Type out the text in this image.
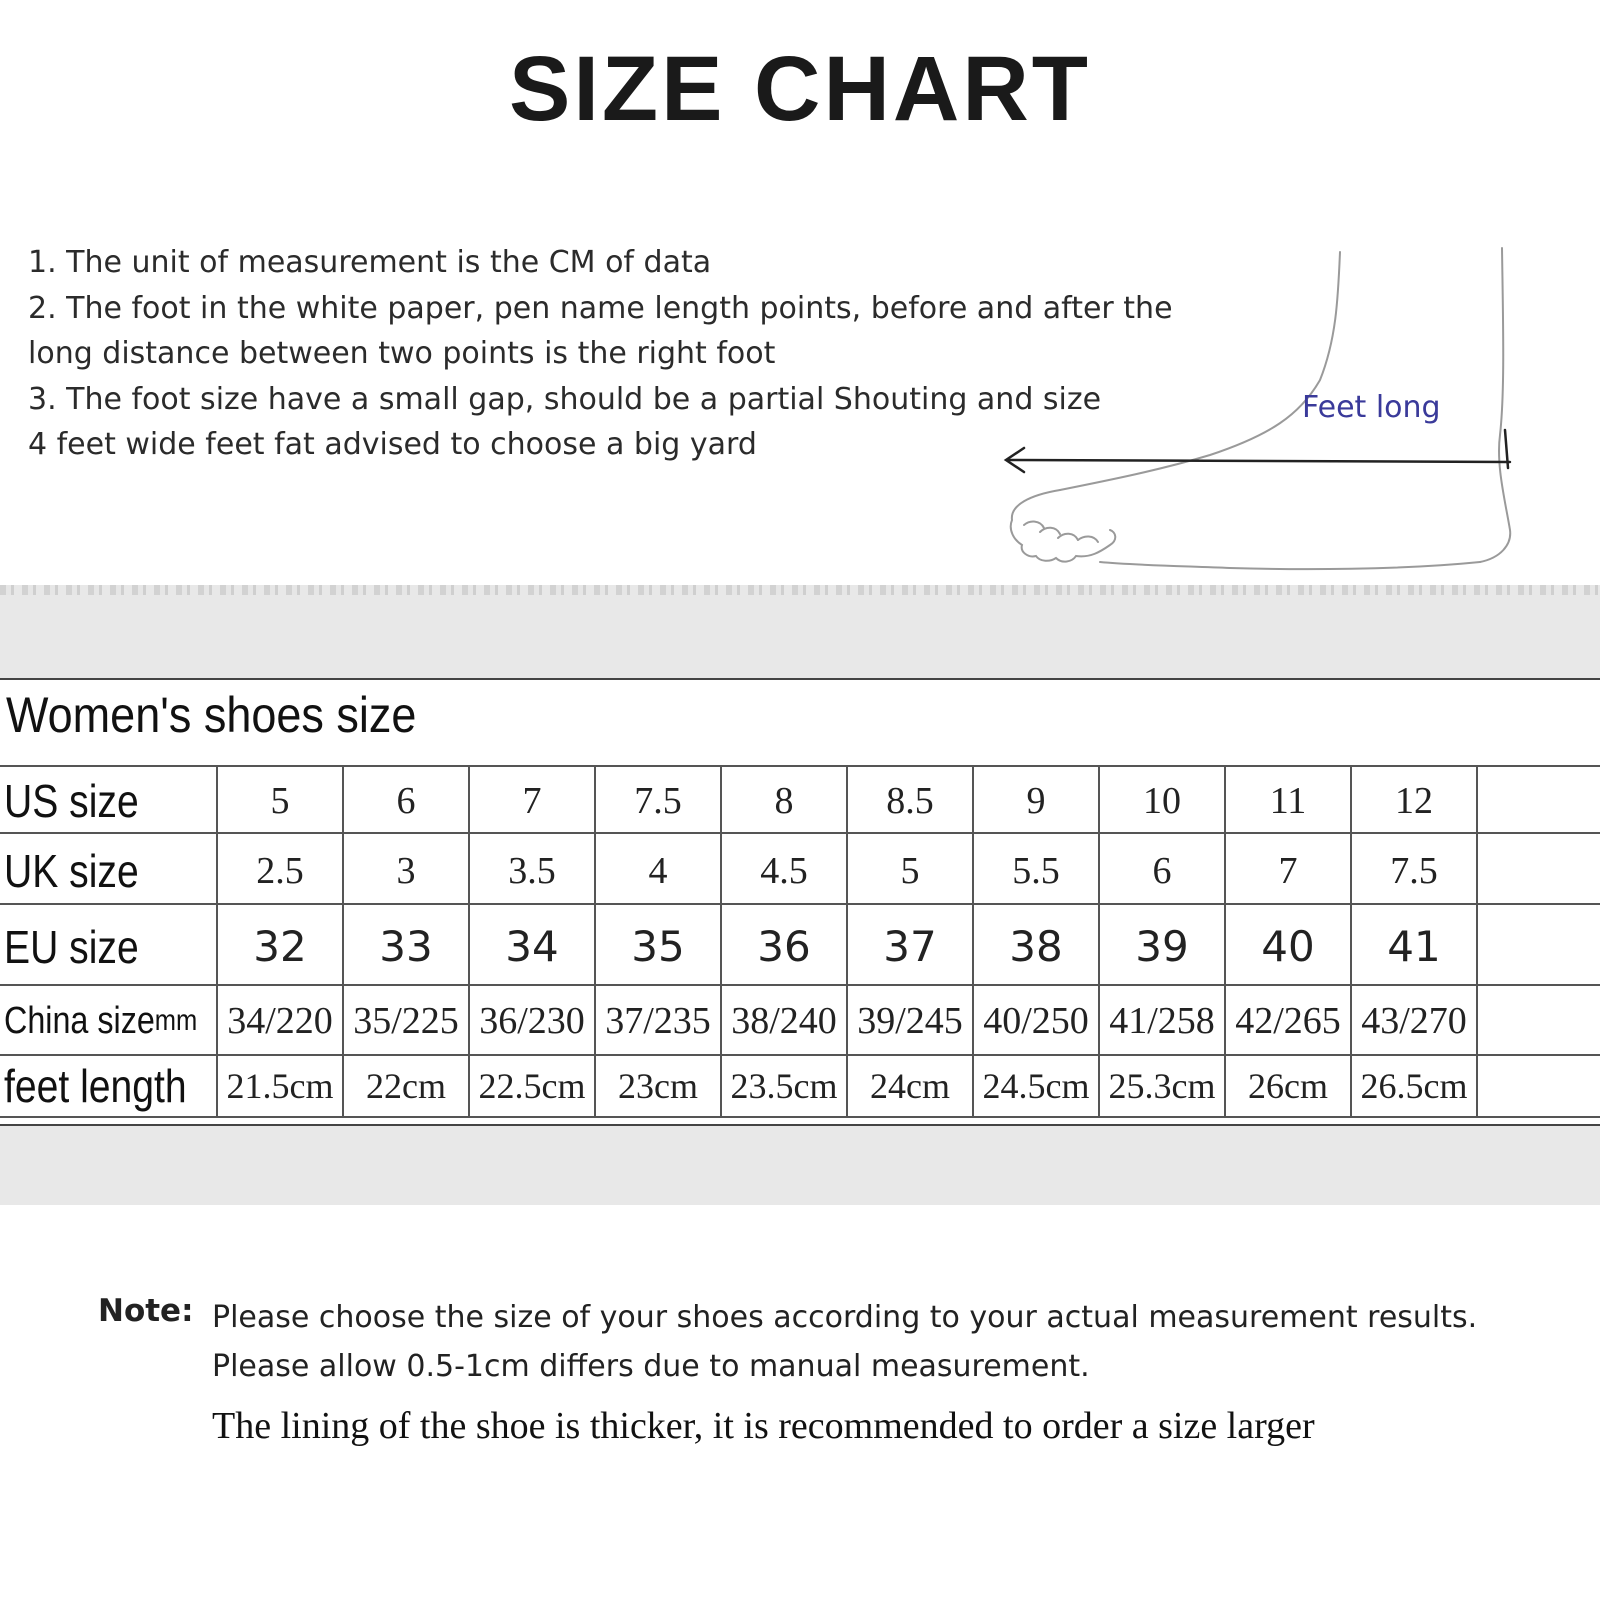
SIZE CHART
1. The unit of measurement is the CM of data
2. The foot in the white paper, pen name length points, before and after the
long distance between two points is the right foot
3. The foot size have a small gap, should be a partial Shouting and size
4 feet wide feet fat advised to choose a big yard
Feet long
Women's shoes size
US size	5	6	7	7.5	8	8.5	9	10	11	12
UK size	2.5	3	3.5	4	4.5	5	5.5	6	7	7.5
EU size	32	33	34	35	36	37	38	39	40	41
China size mm 34/220 35/225 36/230 37/235 38/240 39/245 40/250 41/258 42/265 43/270
feet length 21.5cm 22cm 22.5cm 23cm 23.5cm 24cm 24.5cm 25.3cm 26cm 26.5cm
Note: Please choose the size of your shoes according to your actual measurement results.
Please allow 0.5-1cm differs due to manual measurement.
The lining of the shoe is thicker, it is recommended to order a size larger
